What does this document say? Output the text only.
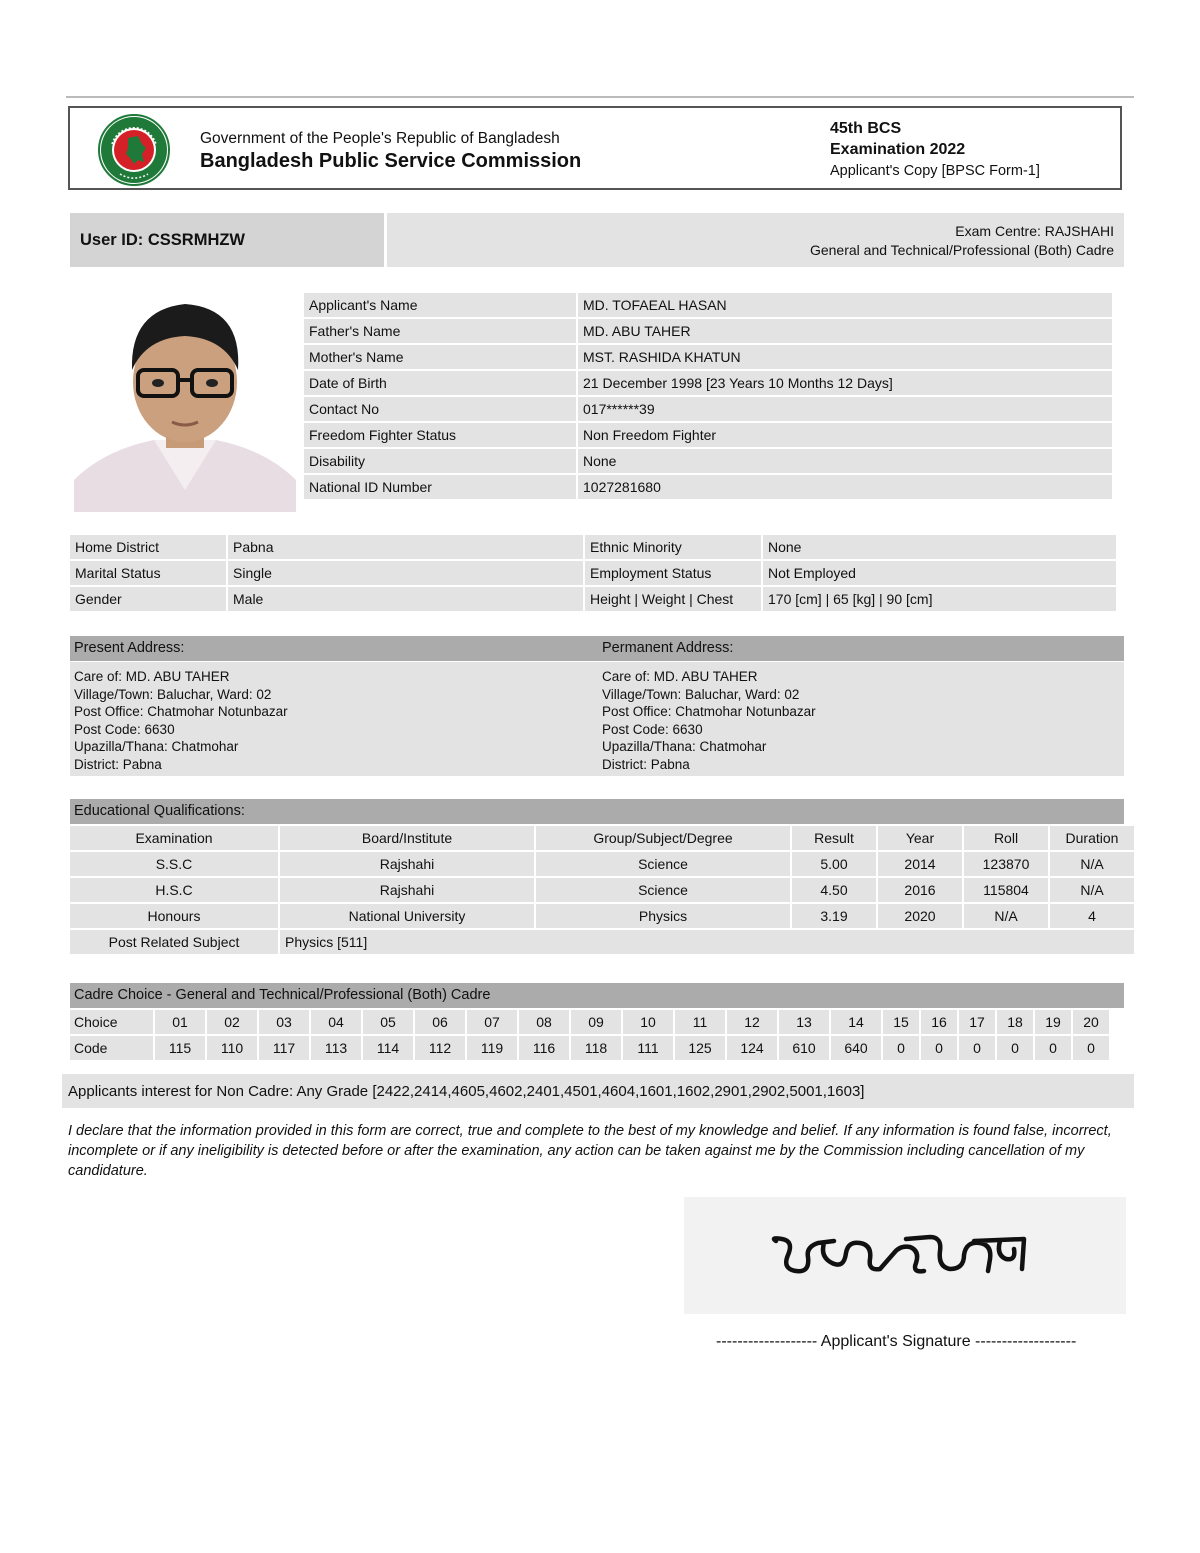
Government of the People's Republic of Bangladesh
Bangladesh Public Service Commission
45th BCS
Examination 2022
Applicant's Copy [BPSC Form-1]
User ID: CSSRMHZW	Exam Centre: RAJSHAHI
General and Technical/Professional (Both) Cadre
Applicant's Name	MD. TOFAEAL HASAN
Father's Name	MD. ABU TAHER
Mother's Name	MST. RASHIDA KHATUN
Date of Birth	21 December 1998 [23 Years 10 Months 12 Days]
Contact No	017******39
Freedom Fighter Status	Non Freedom Fighter
Disability	None
National ID Number	1027281680
Home District	Pabna	Ethnic Minority	None
Marital Status	Single	Employment Status	Not Employed
Gender	Male	Height | Weight | Chest	170 [cm] | 65 [kg] | 90 [cm]
Present Address:	Permanent Address:
Care of: MD. ABU TAHER
Village/Town: Baluchar, Ward: 02
Post Office: Chatmohar Notunbazar
Post Code: 6630
Upazilla/Thana: Chatmohar
District: Pabna
Care of: MD. ABU TAHER
Village/Town: Baluchar, Ward: 02
Post Office: Chatmohar Notunbazar
Post Code: 6630
Upazilla/Thana: Chatmohar
District: Pabna
Educational Qualifications:
Examination	Board/Institute	Group/Subject/Degree	Result	Year	Roll	Duration
S.S.C	Rajshahi	Science	5.00	2014	123870	N/A
H.S.C	Rajshahi	Science	4.50	2016	115804	N/A
Honours	National University	Physics	3.19	2020	N/A	4
Post Related Subject	Physics [511]					
Cadre Choice - General and Technical/Professional (Both) Cadre
Choice	01	02	03	04	05	06	07	08	09	10	11	12	13	14	15	16	17	18	19	20
Code	115	110	117	113	114	112	119	116	118	111	125	124	610	640	0	0	0	0	0	0
Applicants interest for Non Cadre: Any Grade [2422,2414,4605,4602,2401,4501,4604,1601,1602,2901,2902,5001,1603]
I declare that the information provided in this form are correct, true and complete to the best of my knowledge and belief. If any information is found false, incorrect, incomplete or if any ineligibility is detected before or after the examination, any action can be taken against me by the Commission including cancellation of my candidature.
------------------- Applicant's Signature -------------------
